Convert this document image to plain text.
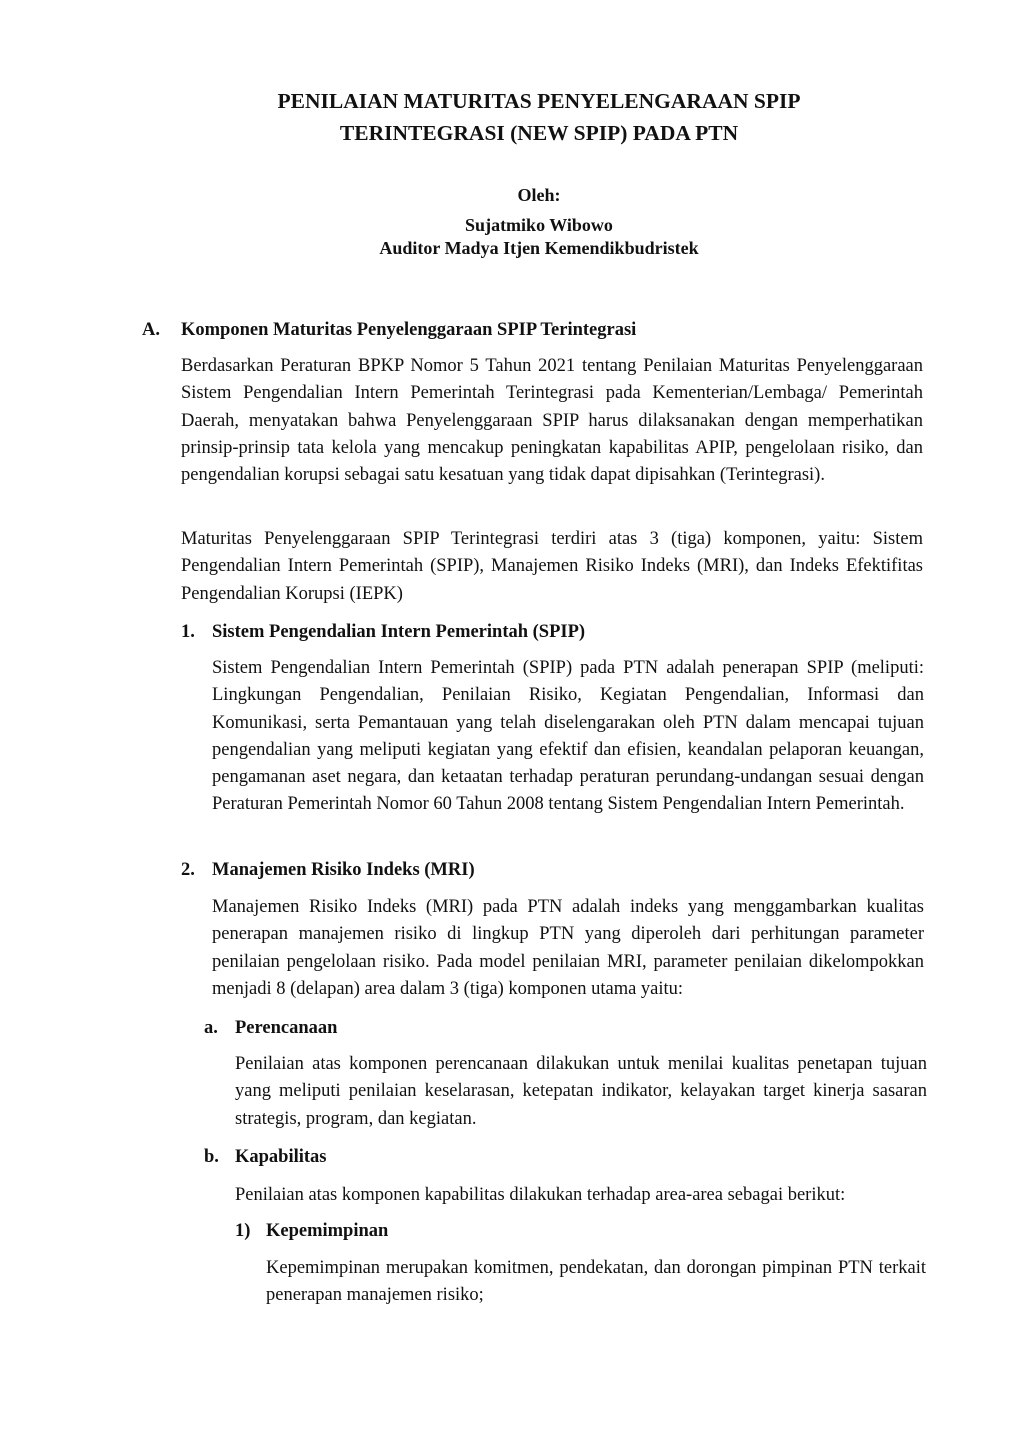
PENILAIAN MATURITAS PENYELENGARAAN SPIP
TERINTEGRASI (NEW SPIP) PADA PTN

Oleh:

Sujatmiko Wibowo

Auditor Madya Itjen Kemendikbudristek

A. Komponen Maturitas Penyelenggaraan SPIP Terintegrasi

Berdasarkan Peraturan BPKP Nomor 5 Tahun 2021 tentang Penilaian Maturitas Penyelenggaraan Sistem Pengendalian Intern Pemerintah Terintegrasi pada Kementerian/Lembaga/ Pemerintah Daerah, menyatakan bahwa Penyelenggaraan SPIP harus dilaksanakan dengan memperhatikan prinsip-prinsip tata kelola yang mencakup peningkatan kapabilitas APIP, pengelolaan risiko, dan pengendalian korupsi sebagai satu kesatuan yang tidak dapat dipisahkan (Terintegrasi).

Maturitas Penyelenggaraan SPIP Terintegrasi terdiri atas 3 (tiga) komponen, yaitu: Sistem Pengendalian Intern Pemerintah (SPIP), Manajemen Risiko Indeks (MRI), dan Indeks Efektifitas Pengendalian Korupsi (IEPK)

1. Sistem Pengendalian Intern Pemerintah (SPIP)

Sistem Pengendalian Intern Pemerintah (SPIP) pada PTN adalah penerapan SPIP (meliputi: Lingkungan Pengendalian, Penilaian Risiko, Kegiatan Pengendalian, Informasi dan Komunikasi, serta Pemantauan yang telah diselengarakan oleh PTN dalam mencapai tujuan pengendalian yang meliputi kegiatan yang efektif dan efisien, keandalan pelaporan keuangan, pengamanan aset negara, dan ketaatan terhadap peraturan perundang-undangan sesuai dengan Peraturan Pemerintah Nomor 60 Tahun 2008 tentang Sistem Pengendalian Intern Pemerintah.

2. Manajemen Risiko Indeks (MRI)

Manajemen Risiko Indeks (MRI) pada PTN adalah indeks yang menggambarkan kualitas penerapan manajemen risiko di lingkup PTN yang diperoleh dari perhitungan parameter penilaian pengelolaan risiko. Pada model penilaian MRI, parameter penilaian dikelompokkan menjadi 8 (delapan) area dalam 3 (tiga) komponen utama yaitu:

a. Perencanaan

Penilaian atas komponen perencanaan dilakukan untuk menilai kualitas penetapan tujuan yang meliputi penilaian keselarasan, ketepatan indikator, kelayakan target kinerja sasaran strategis, program, dan kegiatan.

b. Kapabilitas

Penilaian atas komponen kapabilitas dilakukan terhadap area-area sebagai berikut:

1) Kepemimpinan

Kepemimpinan merupakan komitmen, pendekatan, dan dorongan pimpinan PTN terkait penerapan manajemen risiko;
